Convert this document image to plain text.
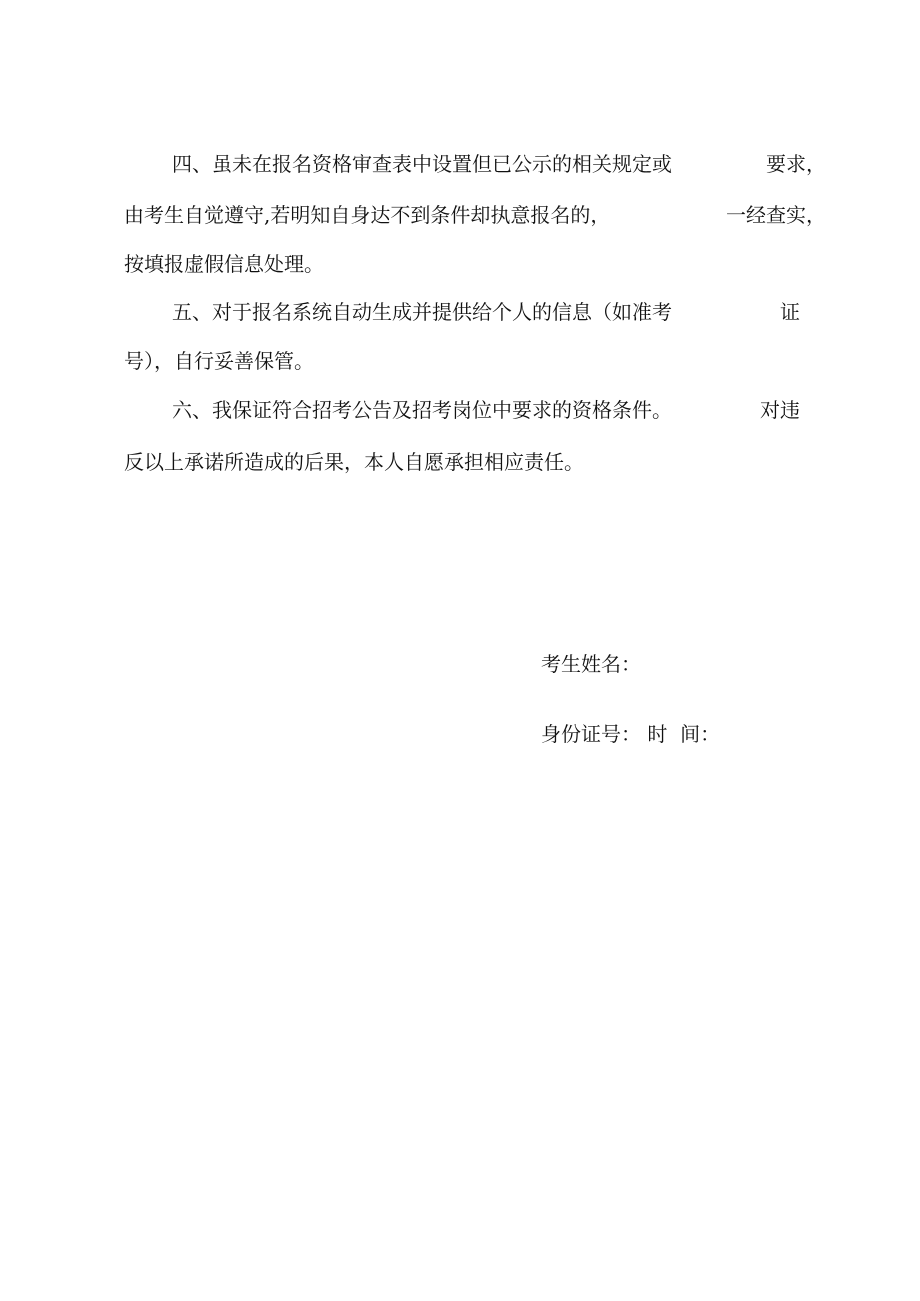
四、虽未在报名资格审查表中设置但已公示的相关规定或	要求，
由考生自觉遵守,若明知自身达不到条件却执意报名的，	一经查实，
按填报虚假信息处理。
五、对于报名系统自动生成并提供给个人的信息（如准考	证
号），自行妥善保管。
六、我保证符合招考公告及招考岗位中要求的资格条件。	对违
反以上承诺所造成的后果，本人自愿承担相应责任。
考生姓名：
身份证号： 时  间：
